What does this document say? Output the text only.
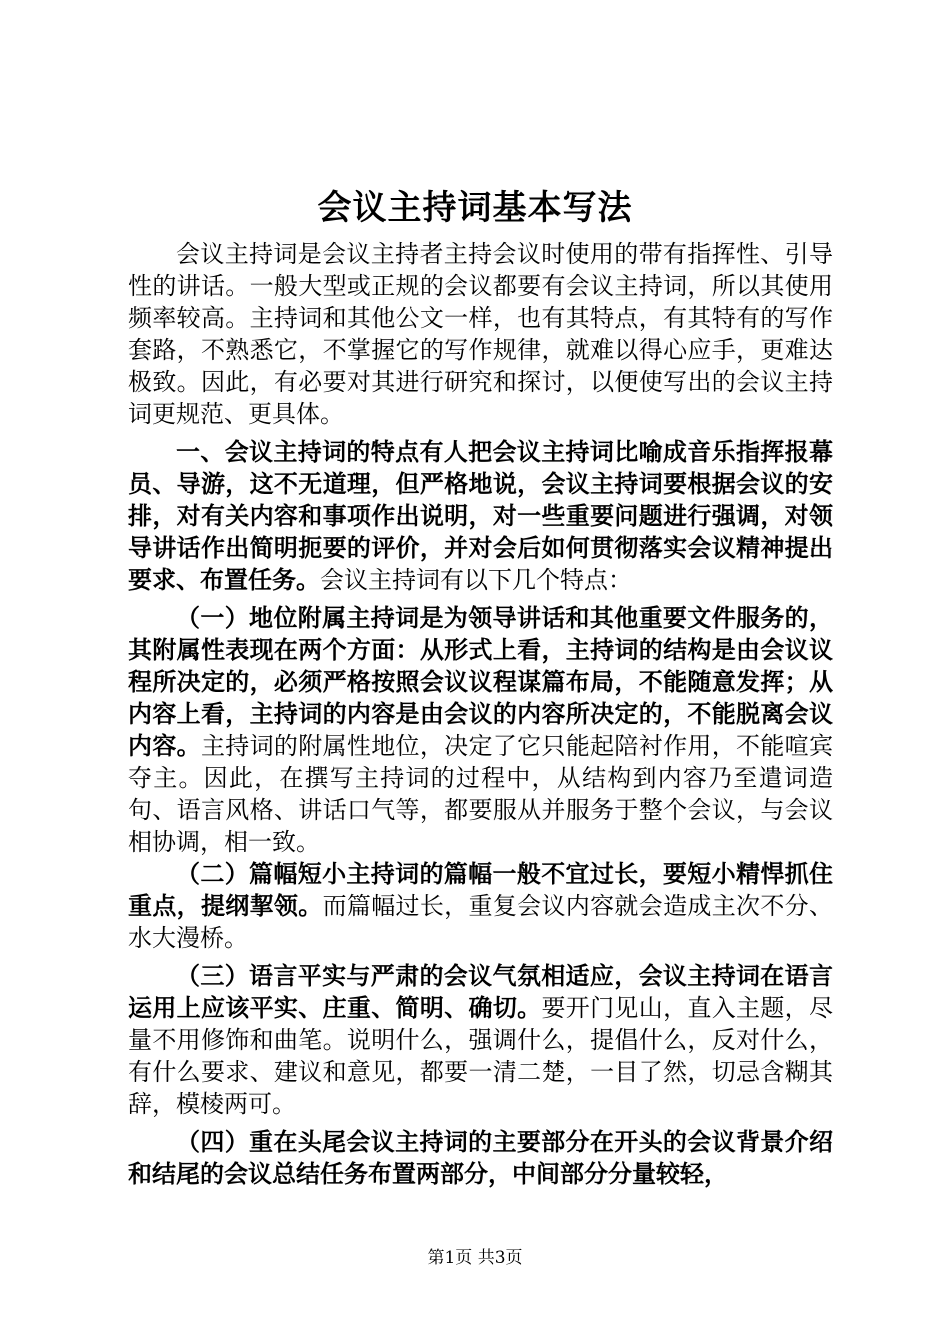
会议主持词基本写法

会议主持词是会议主持者主持会议时使用的带有指挥性、引导性的讲话。一般大型或正规的会议都要有会议主持词，所以其使用频率较高。主持词和其他公文一样，也有其特点，有其特有的写作套路，不熟悉它，不掌握它的写作规律，就难以得心应手，更难达极致。因此，有必要对其进行研究和探讨，以便使写出的会议主持词更规范、更具体。

一、会议主持词的特点有人把会议主持词比喻成音乐指挥报幕员、导游，这不无道理，但严格地说，会议主持词要根据会议的安排，对有关内容和事项作出说明，对一些重要问题进行强调，对领导讲话作出简明扼要的评价，并对会后如何贯彻落实会议精神提出要求、布置任务。会议主持词有以下几个特点：

（一）地位附属主持词是为领导讲话和其他重要文件服务的，其附属性表现在两个方面：从形式上看，主持词的结构是由会议议程所决定的，必须严格按照会议议程谋篇布局，不能随意发挥；从内容上看，主持词的内容是由会议的内容所决定的，不能脱离会议内容。主持词的附属性地位，决定了它只能起陪衬作用，不能喧宾夺主。因此，在撰写主持词的过程中，从结构到内容乃至遣词造句、语言风格、讲话口气等，都要服从并服务于整个会议，与会议相协调，相一致。

（二）篇幅短小主持词的篇幅一般不宜过长，要短小精悍抓住重点，提纲挈领。而篇幅过长，重复会议内容就会造成主次不分、水大漫桥。

（三）语言平实与严肃的会议气氛相适应，会议主持词在语言运用上应该平实、庄重、简明、确切。要开门见山，直入主题，尽量不用修饰和曲笔。说明什么，强调什么，提倡什么，反对什么，有什么要求、建议和意见，都要一清二楚，一目了然，切忌含糊其辞，模棱两可。

（四）重在头尾会议主持词的主要部分在开头的会议背景介绍和结尾的会议总结任务布置两部分，中间部分分量较轻，

第1页 共3页
